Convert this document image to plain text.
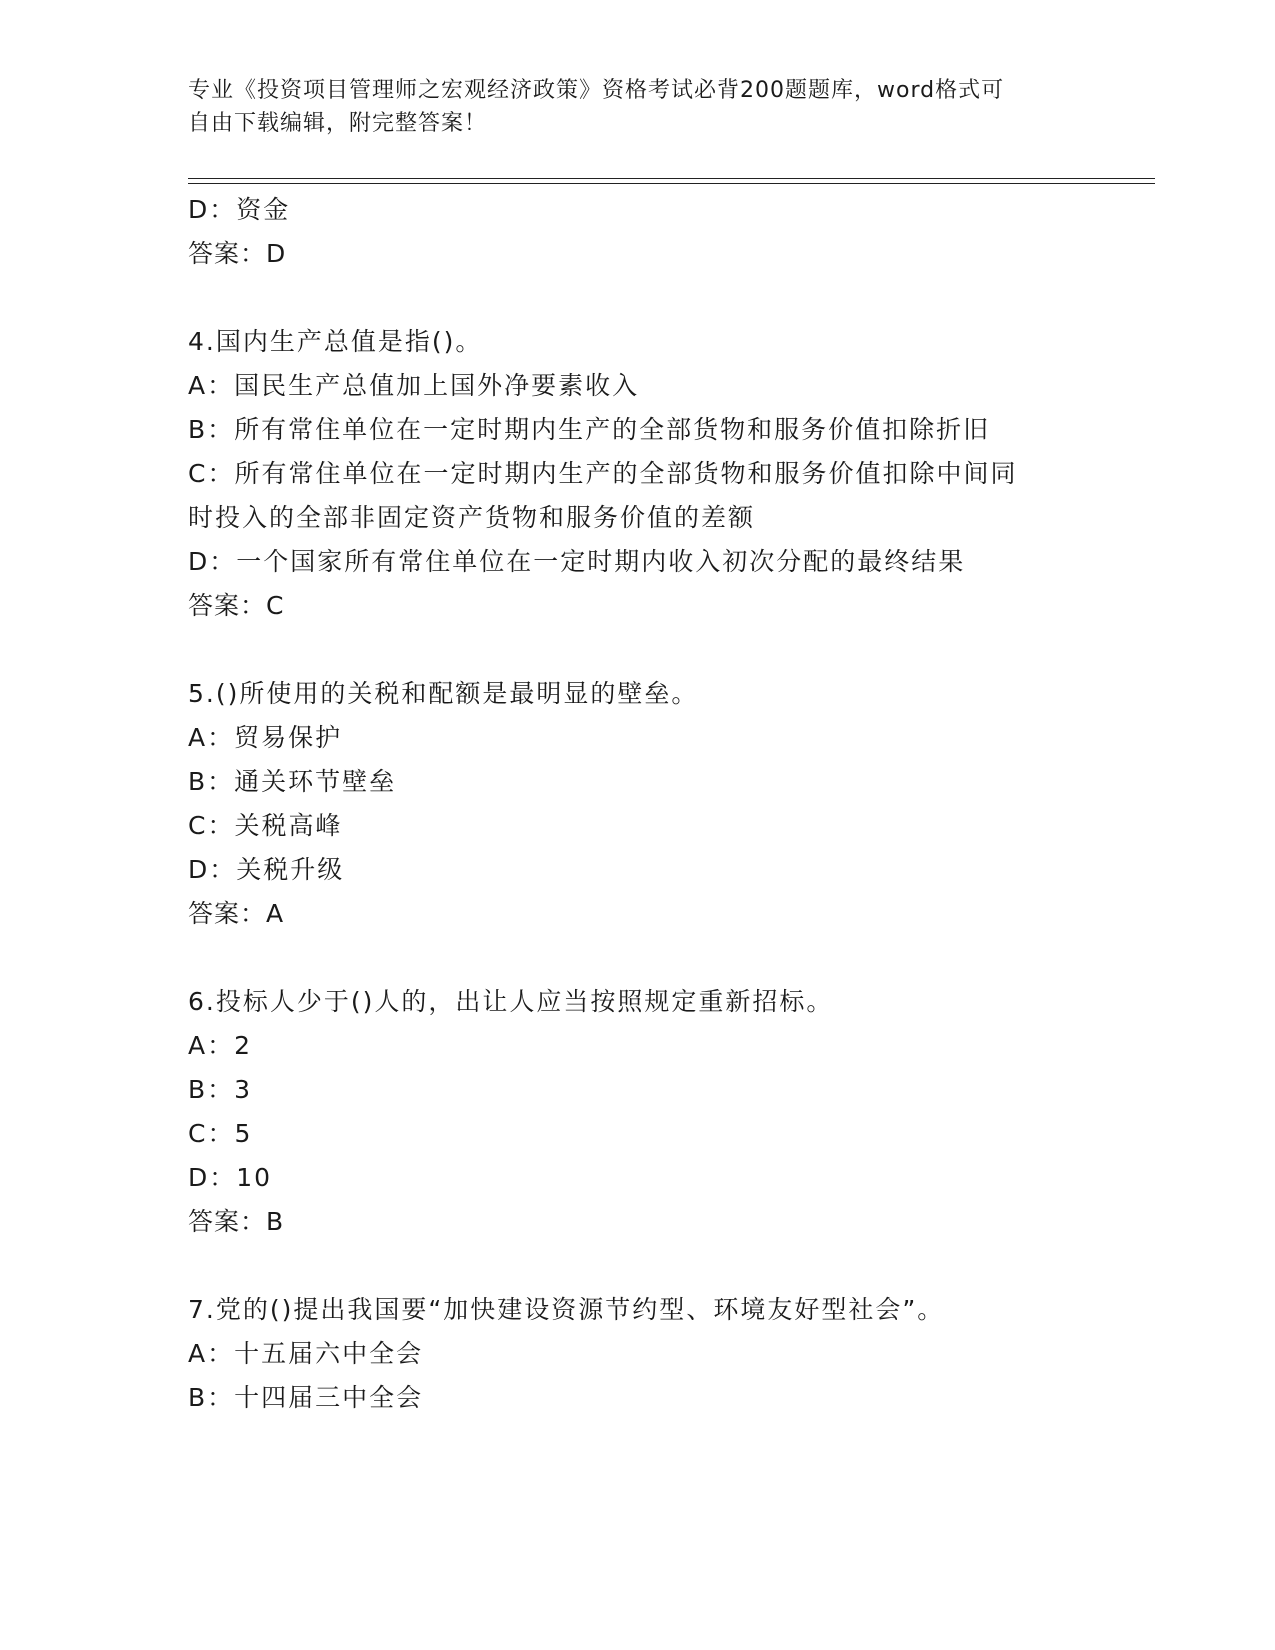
专业《投资项目管理师之宏观经济政策》资格考试必背200题题库，word格式可
自由下载编辑，附完整答案！
D：资金
答案：D
4.国内生产总值是指()。
A：国民生产总值加上国外净要素收入
B：所有常住单位在一定时期内生产的全部货物和服务价值扣除折旧
C：所有常住单位在一定时期内生产的全部货物和服务价值扣除中间同
时投入的全部非固定资产货物和服务价值的差额
D：一个国家所有常住单位在一定时期内收入初次分配的最终结果
答案：C
5.()所使用的关税和配额是最明显的壁垒。
A：贸易保护
B：通关环节壁垒
C：关税高峰
D：关税升级
答案：A
6.投标人少于()人的，出让人应当按照规定重新招标。
A：2
B：3
C：5
D：10
答案：B
7.党的()提出我国要“加快建设资源节约型、环境友好型社会”。
A：十五届六中全会
B：十四届三中全会
